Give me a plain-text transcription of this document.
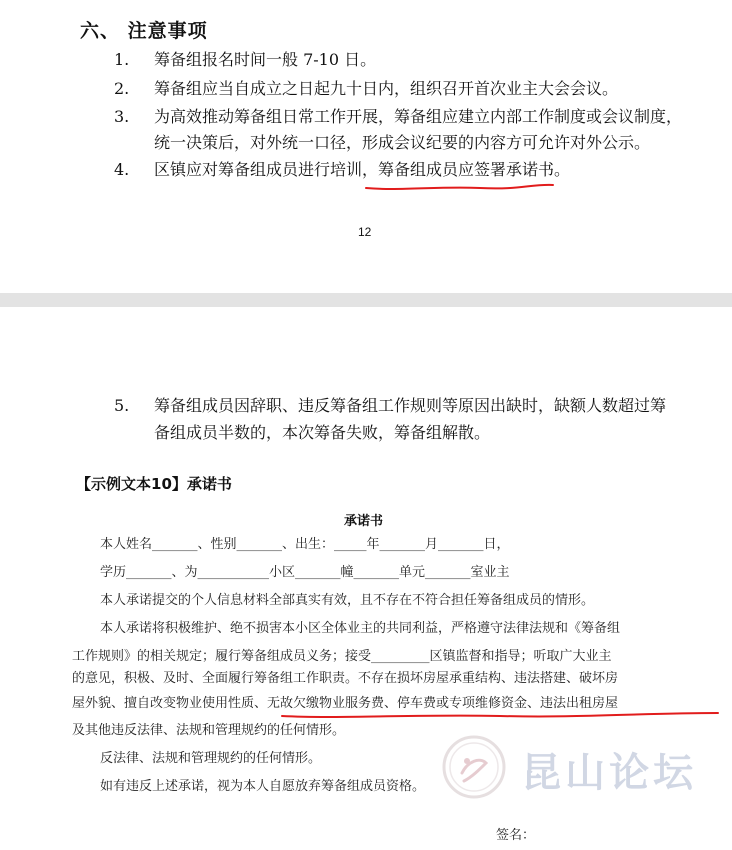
六、 注意事项
1. 筹备组报名时间一般 7-10 日。
2. 筹备组应当自成立之日起九十日内，组织召开首次业主大会会议。
3. 为高效推动筹备组日常工作开展，筹备组应建立内部工作制度或会议制度，
统一决策后，对外统一口径，形成会议纪要的内容方可允许对外公示。
4. 区镇应对筹备组成员进行培训，筹备组成员应签署承诺书。
12
5. 筹备组成员因辞职、违反筹备组工作规则等原因出缺时，缺额人数超过筹
备组成员半数的，本次筹备失败，筹备组解散。
【示例文本10】承诺书
承诺书
本人姓名_______、性别_______、出生：_____年_______月_______日，
学历_______、为___________小区_______幢_______单元_______室业主
本人承诺提交的个人信息材料全部真实有效，且不存在不符合担任筹备组成员的情形。
本人承诺将积极维护、绝不损害本小区全体业主的共同利益，严格遵守法律法规和《筹备组
工作规则》的相关规定；履行筹备组成员义务；接受_________区镇监督和指导；听取广大业主
的意见，积极、及时、全面履行筹备组工作职责。不存在损坏房屋承重结构、违法搭建、破坏房
屋外貌、擅自改变物业使用性质、无故欠缴物业服务费、停车费或专项维修资金、违法出租房屋
及其他违反法律、法规和管理规约的任何情形。
反法律、法规和管理规约的任何情形。
如有违反上述承诺，视为本人自愿放弃筹备组成员资格。
签名：
昆山论坛
